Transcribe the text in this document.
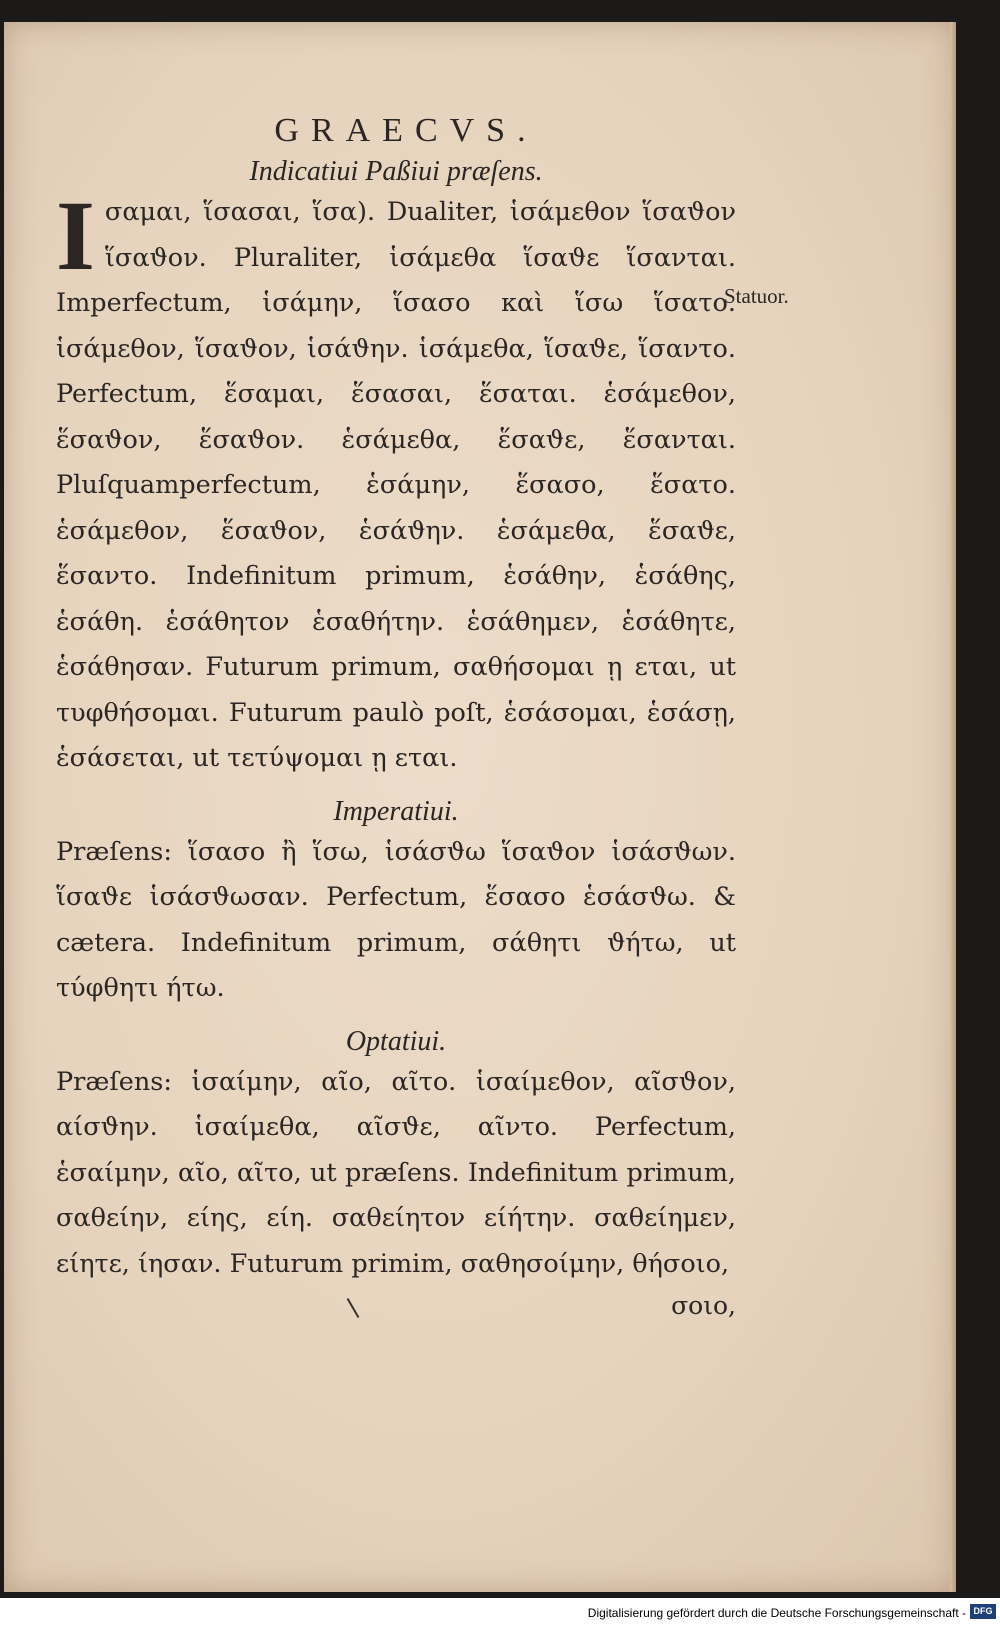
Statuor.
GRAECVS.
Indicatiui Paßiui præſens.

Iσαμαι, ἵσασαι, ἵσα). Dualiter, ἱσάμεθον ἵσαϑον ἵσαϑον. Pluraliter, ἱσάμεθα ἵσαϑε ἵσανται. Imperfectum, ἱσάμην, ἵσασο καὶ ἵσω ἵσατο. ἱσάμεθον, ἵσαϑον, ἱσάϑην. ἱσάμεθα, ἵσαϑε, ἵσαντο. Perfectum, ἕσαμαι, ἕσασαι, ἕσαται. ἑσάμεθον, ἕσαϑον, ἕσαϑον. ἑσάμεθα, ἕσαϑε, ἕσανται. Pluſquamperfectum, ἑσάμην, ἕσασο, ἕσατο. ἑσάμεθον, ἕσαϑον, ἑσάϑην. ἑσάμεθα, ἕσαϑε, ἕσαντο. Indefinitum primum, ἑσάθην, ἑσάθης, ἑσάθη. ἑσάθητον ἑσαθήτην. ἑσάθημεν, ἑσάθητε, ἑσάθησαν. Futurum primum, σαθήσομαι ῃ εται, ut τυφθήσομαι. Futurum paulò poſt, ἑσάσομαι, ἑσάσῃ, ἑσάσεται, ut τετύψομαι ῃ εται.

Imperatiui.

Præſens: ἵσασο ἢ ἵσω, ἱσάσϑω ἵσαϑον ἱσάσϑων. ἵσαϑε ἱσάσϑωσαν. Perfectum, ἕσασο ἑσάσϑω. & cætera. Indefinitum primum, σάθητι ϑήτω, ut τύφθητι ήτω.

Optatiui.

Præſens: ἱσαίμην, αῖο, αῖτο. ἱσαίμεθον, αῖσϑον, αίσϑην. ἱσαίμεθα, αῖσϑε, αῖντο. Perfectum, ἑσαίμην, αῖο, αῖτο, ut præſens. Indefinitum primum, σαθείην, είης, είη. σαθείητον είήτην. σαθείημεν, είητε, ίησαν. Futurum primim, σαθησοίμην, θήσοιο,

σοιο,
Digitalisierung gefördert durch die Deutsche Forschungsgemeinschaft - DFG
